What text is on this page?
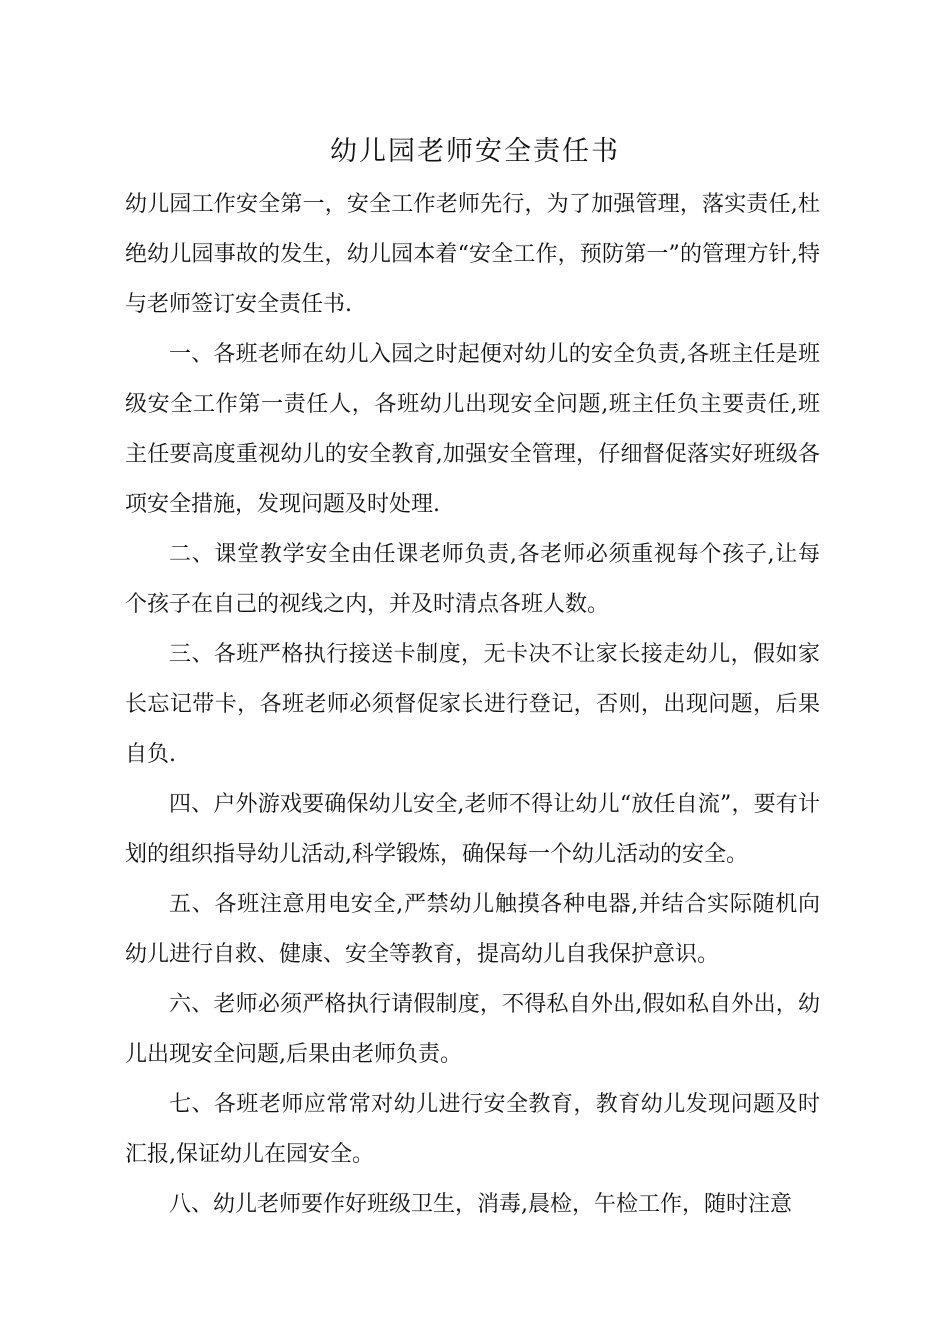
幼儿园老师安全责任书

幼儿园工作安全第一，安全工作老师先行，为了加强管理，落实责任,杜绝幼儿园事故的发生，幼儿园本着“安全工作，预防第一”的管理方针,特与老师签订安全责任书.

一、各班老师在幼儿入园之时起便对幼儿的安全负责,各班主任是班级安全工作第一责任人，各班幼儿出现安全问题,班主任负主要责任,班主任要高度重视幼儿的安全教育,加强安全管理，仔细督促落实好班级各项安全措施，发现问题及时处理.

二、课堂教学安全由任课老师负责,各老师必须重视每个孩子,让每个孩子在自己的视线之内，并及时清点各班人数。

三、各班严格执行接送卡制度，无卡决不让家长接走幼儿，假如家长忘记带卡，各班老师必须督促家长进行登记，否则，出现问题，后果自负.

四、户外游戏要确保幼儿安全,老师不得让幼儿“放任自流”，要有计划的组织指导幼儿活动,科学锻炼，确保每一个幼儿活动的安全。

五、各班注意用电安全,严禁幼儿触摸各种电器,并结合实际随机向幼儿进行自救、健康、安全等教育，提高幼儿自我保护意识。

六、老师必须严格执行请假制度，不得私自外出,假如私自外出，幼儿出现安全问题,后果由老师负责。

七、各班老师应常常对幼儿进行安全教育，教育幼儿发现问题及时汇报,保证幼儿在园安全。

八、幼儿老师要作好班级卫生，消毒,晨检，午检工作，随时注意
